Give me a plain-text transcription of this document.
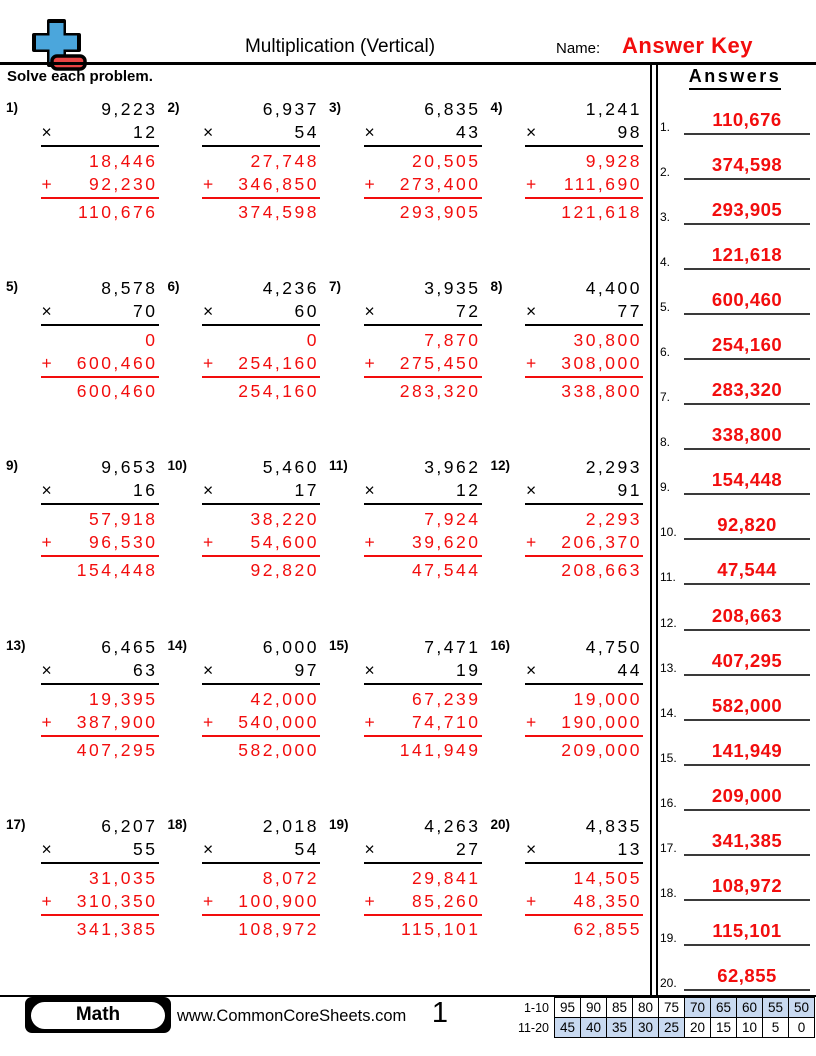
Multiplication (Vertical)	Name: Answer Key
Solve each problem.
1)	9,223
×	12
18,446
+	92,230
110,676
2)	6,937
×	54
27,748
+	346,850
374,598
3)	6,835
×	43
20,505
+	273,400
293,905
4)	1,241
×	98
9,928
+	111,690
121,618
5)	8,578
×	70
0
+	600,460
600,460
6)	4,236
×	60
0
+	254,160
254,160
7)	3,935
×	72
7,870
+	275,450
283,320
8)	4,400
×	77
30,800
+	308,000
338,800
9)	9,653
×	16
57,918
+	96,530
154,448
10)	5,460
×	17
38,220
+	54,600
92,820
11)	3,962
×	12
7,924
+	39,620
47,544
12)	2,293
×	91
2,293
+	206,370
208,663
13)	6,465
×	63
19,395
+	387,900
407,295
14)	6,000
×	97
42,000
+	540,000
582,000
15)	7,471
×	19
67,239
+	74,710
141,949
16)	4,750
×	44
19,000
+	190,000
209,000
17)	6,207
×	55
31,035
+	310,350
341,385
18)	2,018
×	54
8,072
+	100,900
108,972
19)	4,263
×	27
29,841
+	85,260
115,101
20)	4,835
×	13
14,505
+	48,350
62,855
Answers
1.	110,676
2.	374,598
3.	293,905
4.	121,618
5.	600,460
6.	254,160
7.	283,320
8.	338,800
9.	154,448
10.	92,820
11.	47,544
12.	208,663
13.	407,295
14.	582,000
15.	141,949
16.	209,000
17.	341,385
18.	108,972
19.	115,101
20.	62,855
Math	www.CommonCoreSheets.com 1	1-10	95	90	85	80	75	70	65	60	55	50
11-20	45	40	35	30	25	20	15	10	5	0
